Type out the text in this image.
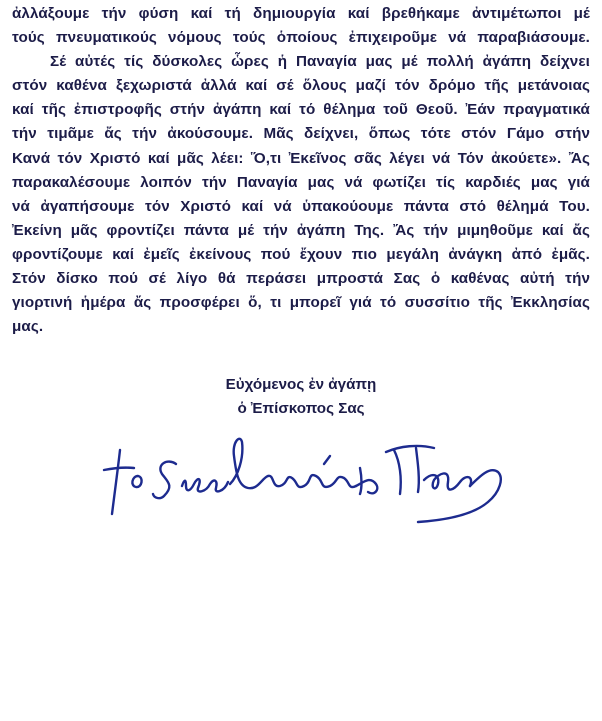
ἀλλάξουμε τήν φύση καί τή δημιουργία καί βρεθήκαμε ἀντιμέτωποι μέ
τούς πνευματικούς νόμους τούς ὁποίους ἐπιχειροῦμε νά παραβιάσουμε.
Σέ αὐτές τίς δύσκολες ὧρες ἡ Παναγία μας μέ πολλή ἀγάπη δείχνει
στόν καθένα ξεχωριστά ἀλλά καί σέ ὅλους μαζί τόν δρόμο τῆς μετάνοιας
καί τῆς ἐπιστροφῆς στήν ἀγάπη καί τό θέλημα τοῦ Θεοῦ. Ἐάν πραγματικά
τήν τιμᾶμε ἄς τήν ἀκούσουμε. Μᾶς δείχνει, ὅπως τότε στόν Γάμο στήν
Κανά τόν Χριστό καί μᾶς λέει: Ὅ,τι Ἐκεῖνος σᾶς λέγει νά Τόν ἀκούετε». Ἄς
παρακαλέσουμε λοιπόν τήν Παναγία μας νά φωτίζει τίς καρδιές μας γιά
νά ἀγαπήσουμε τόν Χριστό καί νά ὑπακούουμε πάντα στό θέλημά Του.
Ἐκείνη μᾶς φροντίζει πάντα μέ τήν ἀγάπη Της. Ἄς τήν μιμηθοῦμε καί ἄς
φροντίζουμε καί ἐμεῖς ἐκείνους πού ἔχουν πιο μεγάλη ἀνάγκη ἀπό ἐμᾶς.
Στόν δίσκο πού σέ λίγο θά περάσει μπροστά Σας ὁ καθένας αὐτή τήν
γιορτινή ἡμέρα ἄς προσφέρει ὅ, τι μπορεῖ γιά τό συσσίτιο τῆς Ἐκκλησίας
μας.
Εὐχόμενος ἐν ἀγάπῃ
ὁ Ἐπίσκοπος Σας
